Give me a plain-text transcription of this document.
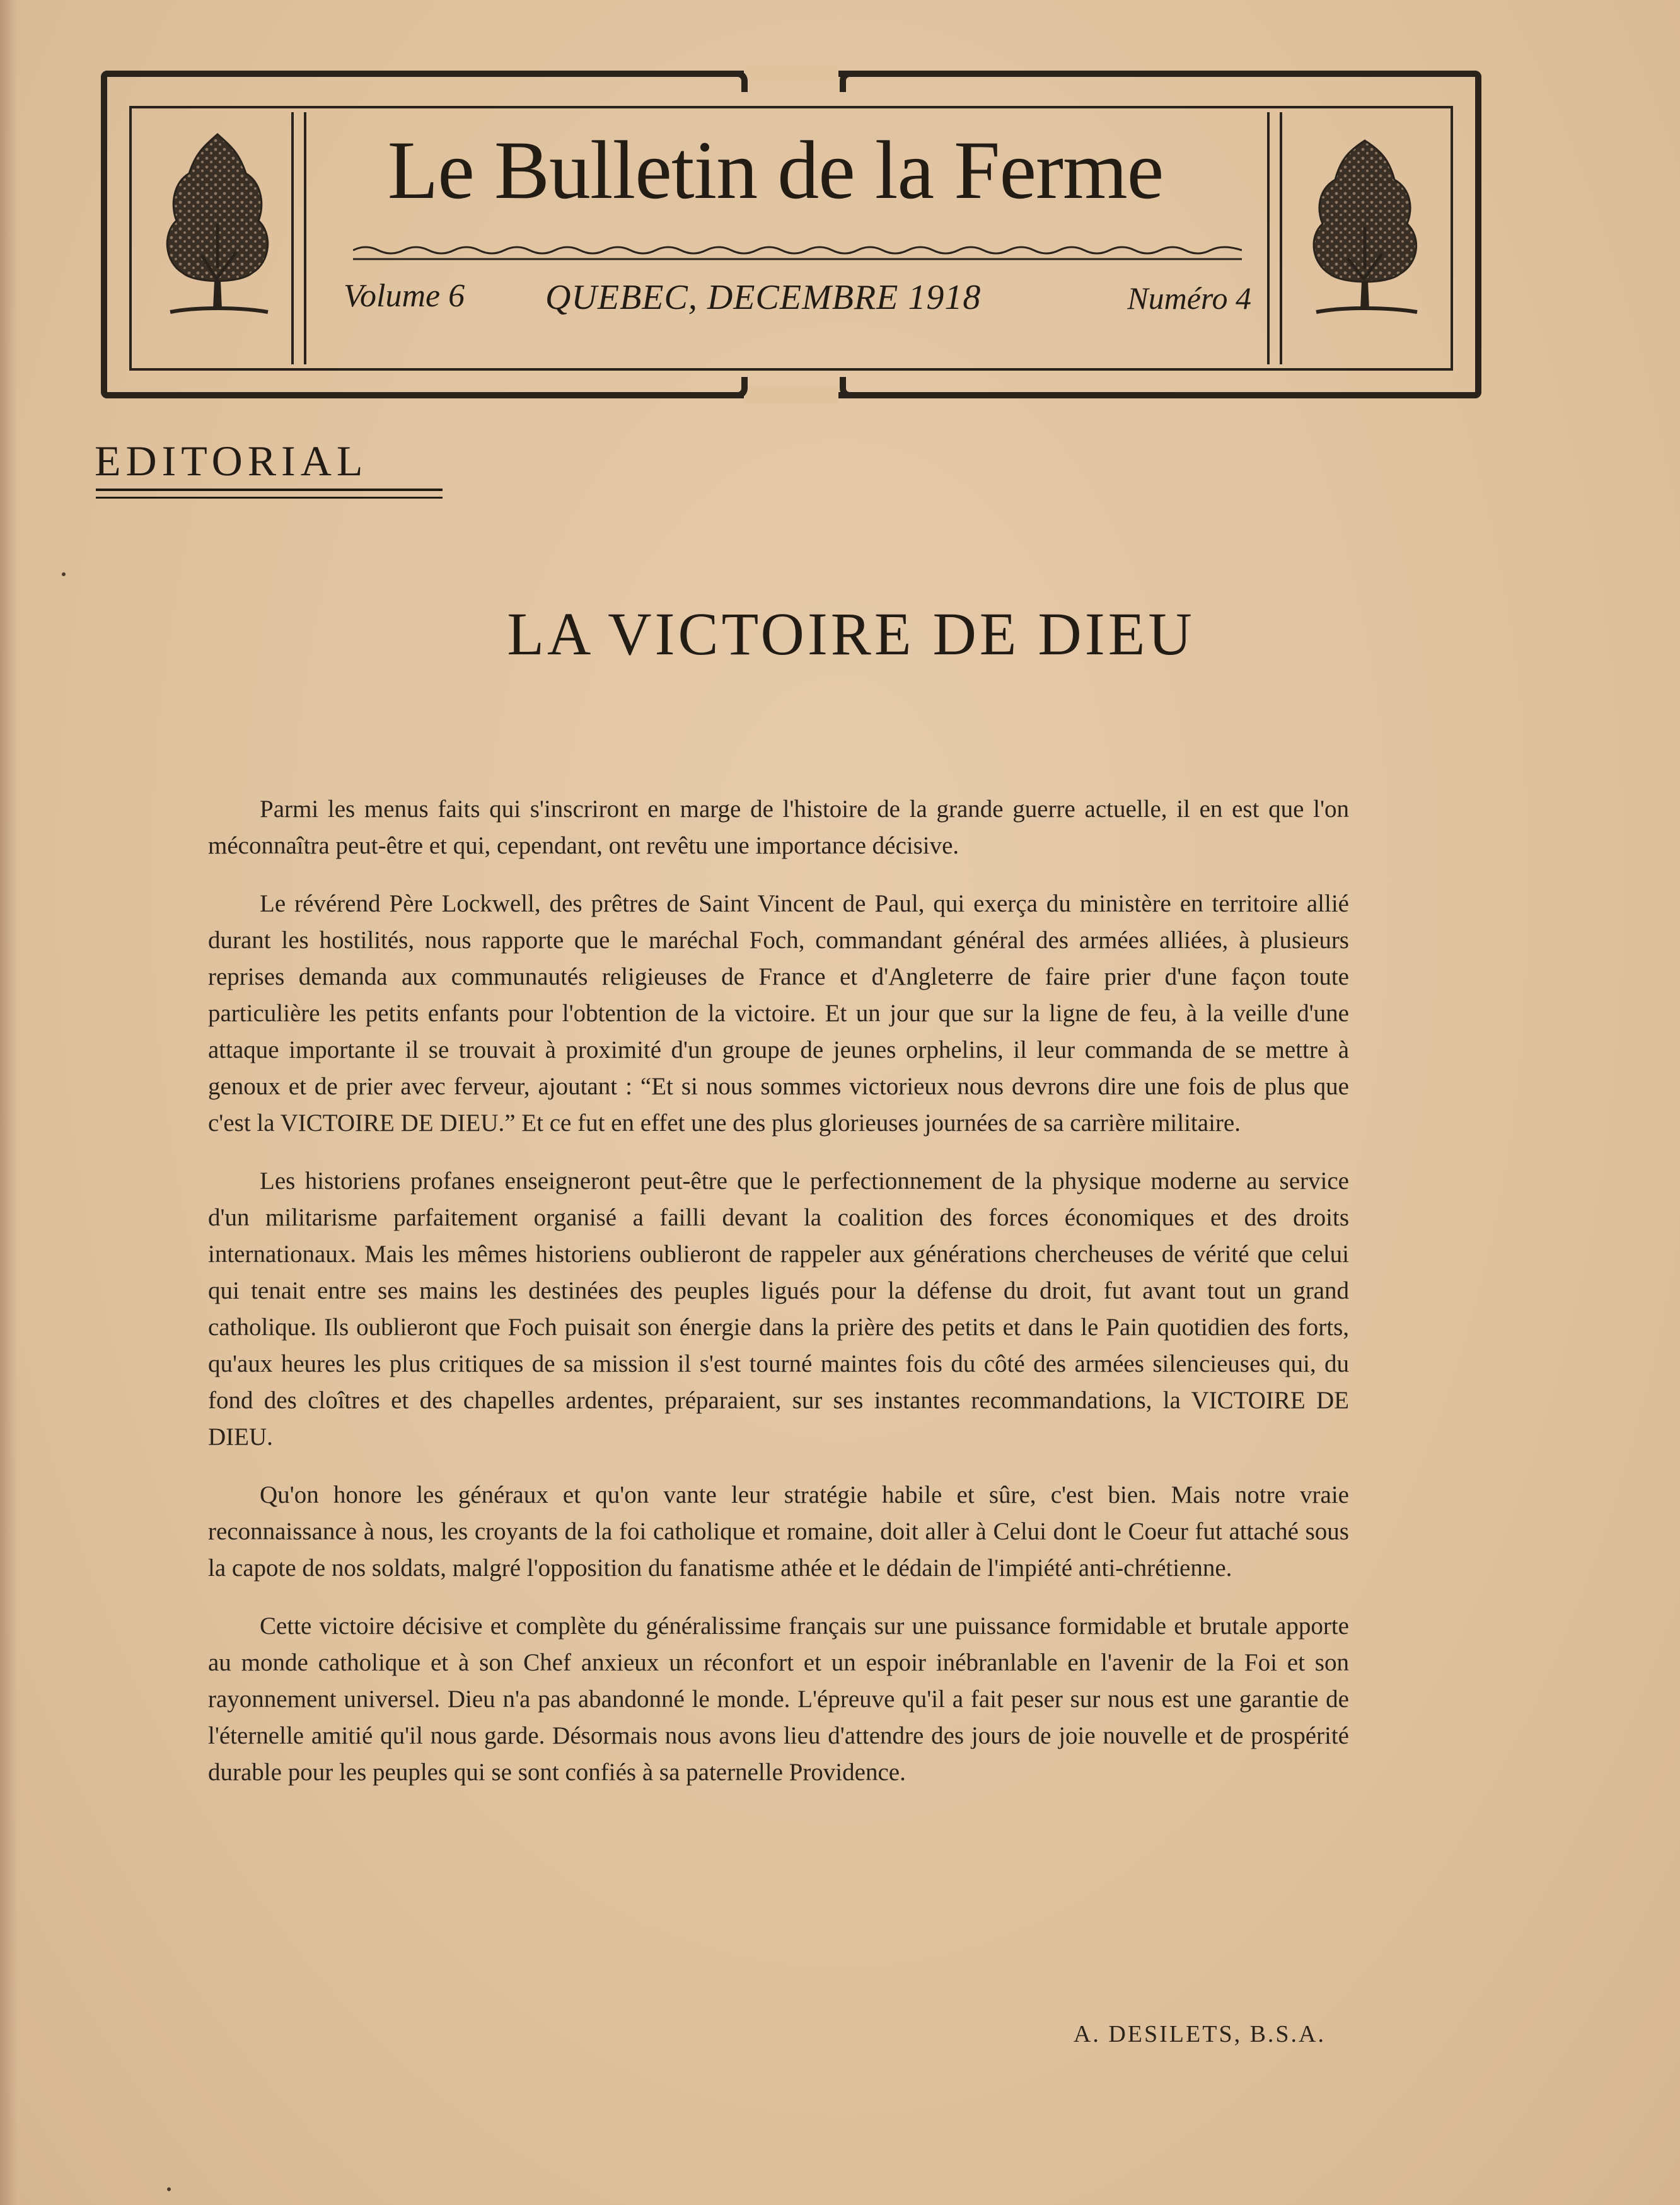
Le Bulletin de la Ferme
Volume 6 QUEBEC, DECEMBRE 1918	Numéro 4
EDITORIAL
LA VICTOIRE DE DIEU

Parmi les menus faits qui s'inscriront en marge de l'histoire de la grande guerre actuelle, il en est que l'on méconnaîtra peut-être et qui, cependant, ont revêtu une importance décisive.

Le révérend Père Lockwell, des prêtres de Saint Vincent de Paul, qui exerça du ministère en territoire allié durant les hostilités, nous rapporte que le maréchal Foch, commandant général des armées alliées, à plusieurs reprises demanda aux communautés religieuses de France et d'Angleterre de faire prier d'une façon toute particulière les petits enfants pour l'obtention de la victoire. Et un jour que sur la ligne de feu, à la veille d'une attaque importante il se trouvait à proximité d'un groupe de jeunes orphelins, il leur commanda de se mettre à genoux et de prier avec ferveur, ajoutant : “Et si nous sommes victorieux nous devrons dire une fois de plus que c'est la VICTOIRE DE DIEU.” Et ce fut en effet une des plus glorieuses journées de sa carrière militaire.

Les historiens profanes enseigneront peut-être que le perfectionnement de la physique moderne au service d'un militarisme parfaitement organisé a failli devant la coalition des forces économiques et des droits internationaux. Mais les mêmes historiens oublieront de rappeler aux générations chercheuses de vérité que celui qui tenait entre ses mains les destinées des peuples ligués pour la défense du droit, fut avant tout un grand catholique. Ils oublieront que Foch puisait son énergie dans la prière des petits et dans le Pain quotidien des forts, qu'aux heures les plus critiques de sa mission il s'est tourné maintes fois du côté des armées silencieuses qui, du fond des cloîtres et des chapelles ardentes, préparaient, sur ses instantes recommandations, la VICTOIRE DE DIEU.

Qu'on honore les généraux et qu'on vante leur stratégie habile et sûre, c'est bien. Mais notre vraie reconnaissance à nous, les croyants de la foi catholique et romaine, doit aller à Celui dont le Coeur fut attaché sous la capote de nos soldats, malgré l'opposition du fanatisme athée et le dédain de l'impiété anti-chrétienne.

Cette victoire décisive et complète du généralissime français sur une puissance formidable et brutale apporte au monde catholique et à son Chef anxieux un réconfort et un espoir inébranlable en l'avenir de la Foi et son rayonnement universel. Dieu n'a pas abandonné le monde. L'épreuve qu'il a fait peser sur nous est une garantie de l'éternelle amitié qu'il nous garde. Désormais nous avons lieu d'attendre des jours de joie nouvelle et de prospérité durable pour les peuples qui se sont confiés à sa paternelle Providence.

A. DESILETS, B.S.A.
